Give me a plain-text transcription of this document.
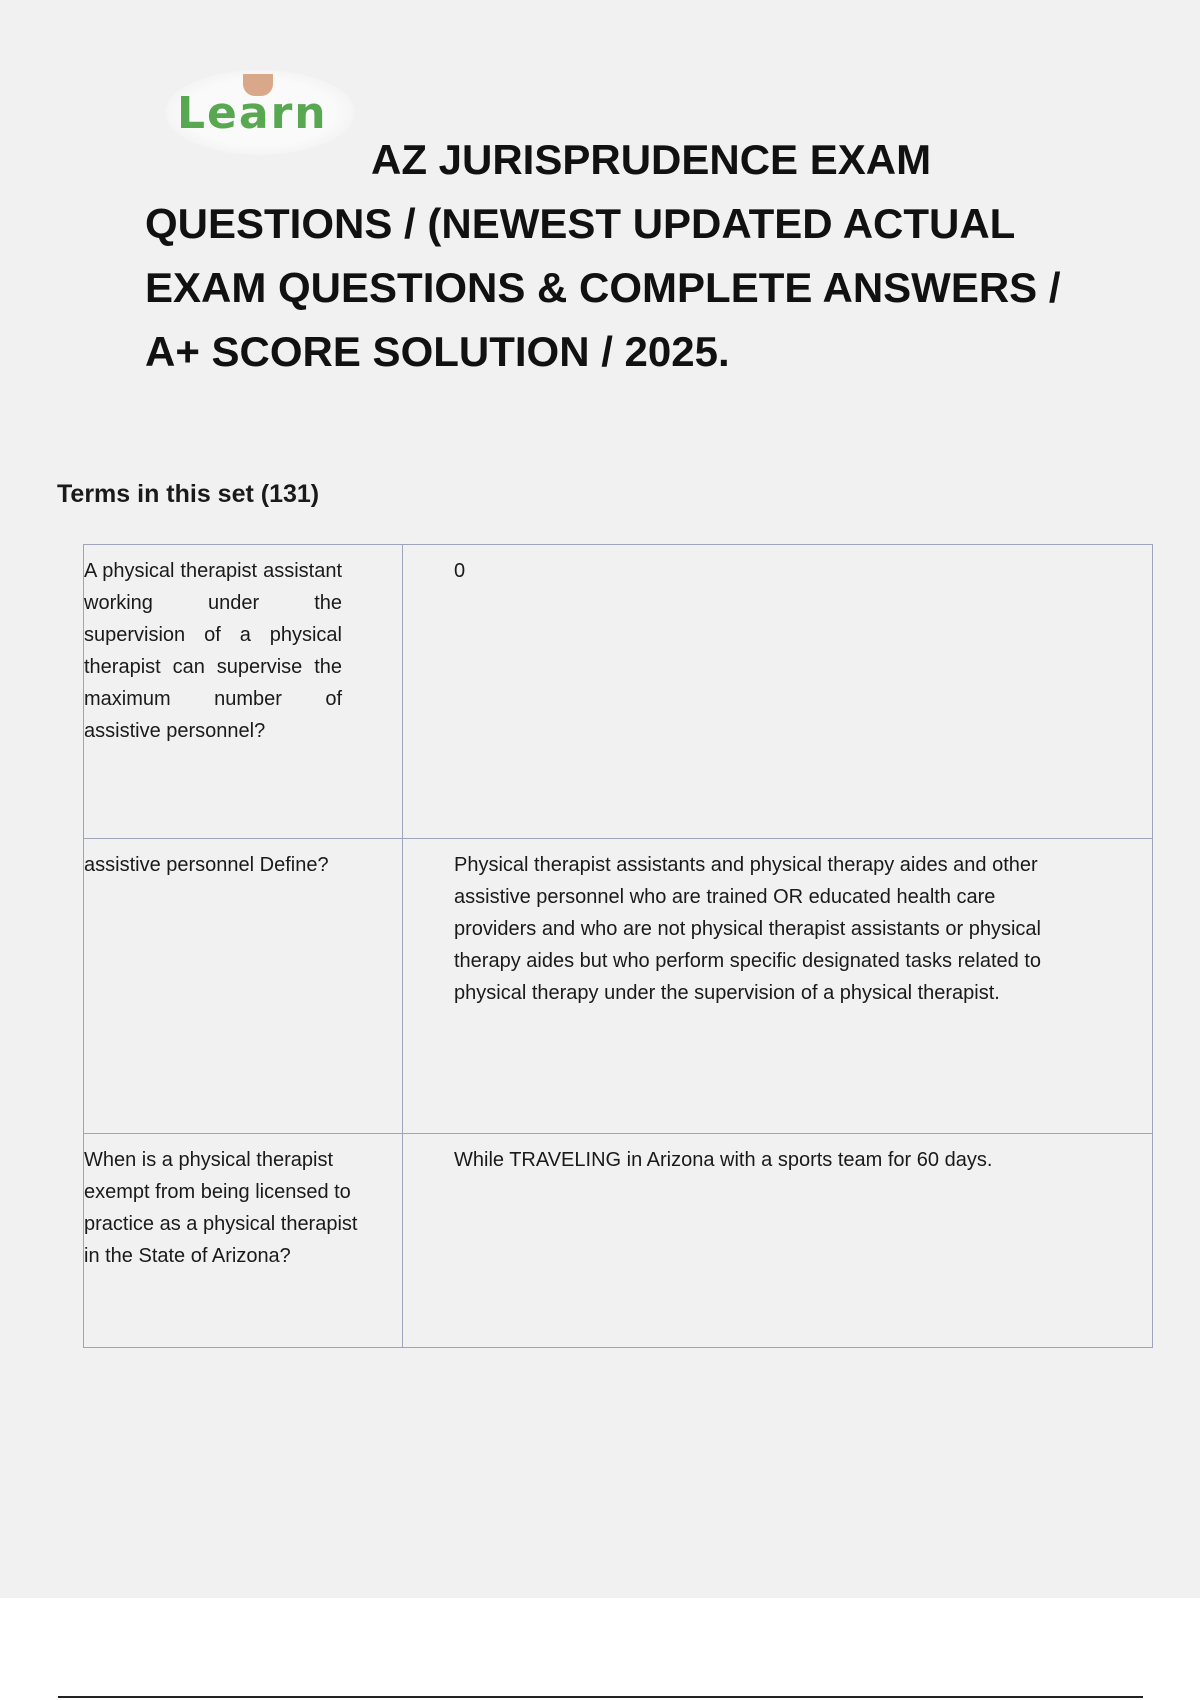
Learn
AZ JURISPRUDENCE EXAM
QUESTIONS / (NEWEST UPDATED ACTUAL
EXAM QUESTIONS & COMPLETE ANSWERS /
A+ SCORE SOLUTION / 2025.
Terms in this set (131)
A physical therapist assistant working under the supervision of a physical therapist can supervise the maximum number of assistive personnel?	0

assistive personnel Define?	Physical therapist assistants and physical therapy aides and other assistive personnel who are trained OR educated health care providers and who are not physical therapist assistants or physical therapy aides but who perform specific designated tasks related to physical therapy under the supervision of a physical therapist.

When is a physical therapist exempt from being licensed to practice as a physical therapist in the State of Arizona?	While TRAVELING in Arizona with a sports team for 60 days.
